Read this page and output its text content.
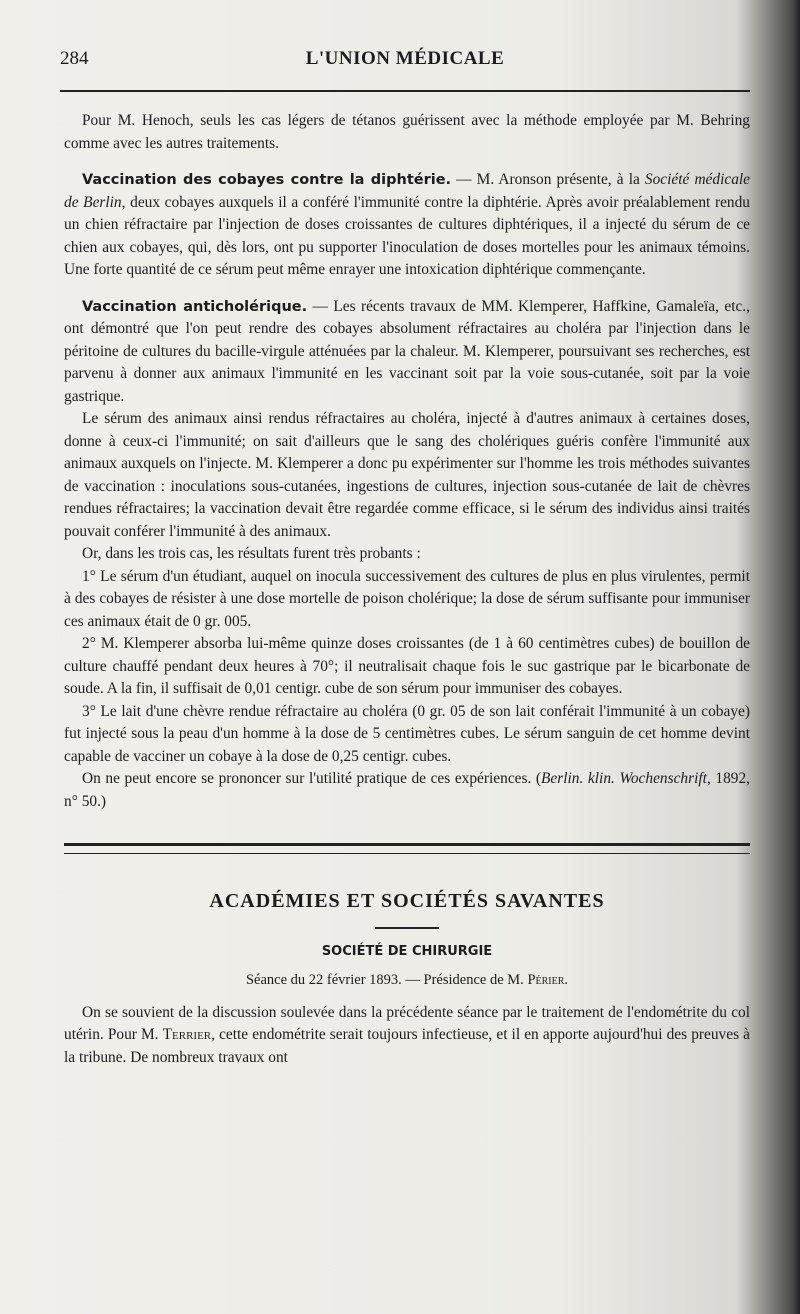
284	L'UNION MÉDICALE

Pour M. Henoch, seuls les cas légers de tétanos guérissent avec la méthode employée par M. Behring comme avec les autres traitements.

Vaccination des cobayes contre la diphtérie. — M. Aronson présente, à la Société médicale de Berlin, deux cobayes auxquels il a conféré l'immunité contre la diphtérie. Après avoir préalablement rendu un chien réfractaire par l'injection de doses croissantes de cultures diphtériques, il a injecté du sérum de ce chien aux cobayes, qui, dès lors, ont pu supporter l'inoculation de doses mortelles pour les animaux témoins. Une forte quantité de ce sérum peut même enrayer une intoxication diphtérique commençante.

Vaccination anticholérique. — Les récents travaux de MM. Klemperer, Haffkine, Gamaleïa, etc., ont démontré que l'on peut rendre des cobayes absolument réfractaires au choléra par l'injection dans le péritoine de cultures du bacille-virgule atténuées par la chaleur. M. Klemperer, poursuivant ses recherches, est parvenu à donner aux animaux l'immunité en les vaccinant soit par la voie sous-cutanée, soit par la voie gastrique.

Le sérum des animaux ainsi rendus réfractaires au choléra, injecté à d'autres animaux à certaines doses, donne à ceux-ci l'immunité; on sait d'ailleurs que le sang des cholériques guéris confère l'immunité aux animaux auxquels on l'injecte. M. Klemperer a donc pu expérimenter sur l'homme les trois méthodes suivantes de vaccination : inoculations sous-cutanées, ingestions de cultures, injection sous-cutanée de lait de chèvres rendues réfractaires; la vaccination devait être regardée comme efficace, si le sérum des individus ainsi traités pouvait conférer l'immunité à des animaux.

Or, dans les trois cas, les résultats furent très probants :

1° Le sérum d'un étudiant, auquel on inocula successivement des cultures de plus en plus virulentes, permit à des cobayes de résister à une dose mortelle de poison cholérique; la dose de sérum suffisante pour immuniser ces animaux était de 0 gr. 005.

2° M. Klemperer absorba lui-même quinze doses croissantes (de 1 à 60 centimètres cubes) de bouillon de culture chauffé pendant deux heures à 70°; il neutralisait chaque fois le suc gastrique par le bicarbonate de soude. A la fin, il suffisait de 0,01 centigr. cube de son sérum pour immuniser des cobayes.

3° Le lait d'une chèvre rendue réfractaire au choléra (0 gr. 05 de son lait conférait l'immunité à un cobaye) fut injecté sous la peau d'un homme à la dose de 5 centimètres cubes. Le sérum sanguin de cet homme devint capable de vacciner un cobaye à la dose de 0,25 centigr. cubes.

On ne peut encore se prononcer sur l'utilité pratique de ces expériences. (Berlin. klin. Wochenschrift, 1892, n° 50.)

ACADÉMIES ET SOCIÉTÉS SAVANTES
SOCIÉTÉ DE CHIRURGIE
Séance du 22 février 1893. — Présidence de M. Périer.

On se souvient de la discussion soulevée dans la précédente séance par le traitement de l'endométrite du col utérin. Pour M. Terrier, cette endométrite serait toujours infectieuse, et il en apporte aujourd'hui des preuves à la tribune. De nombreux travaux ont
